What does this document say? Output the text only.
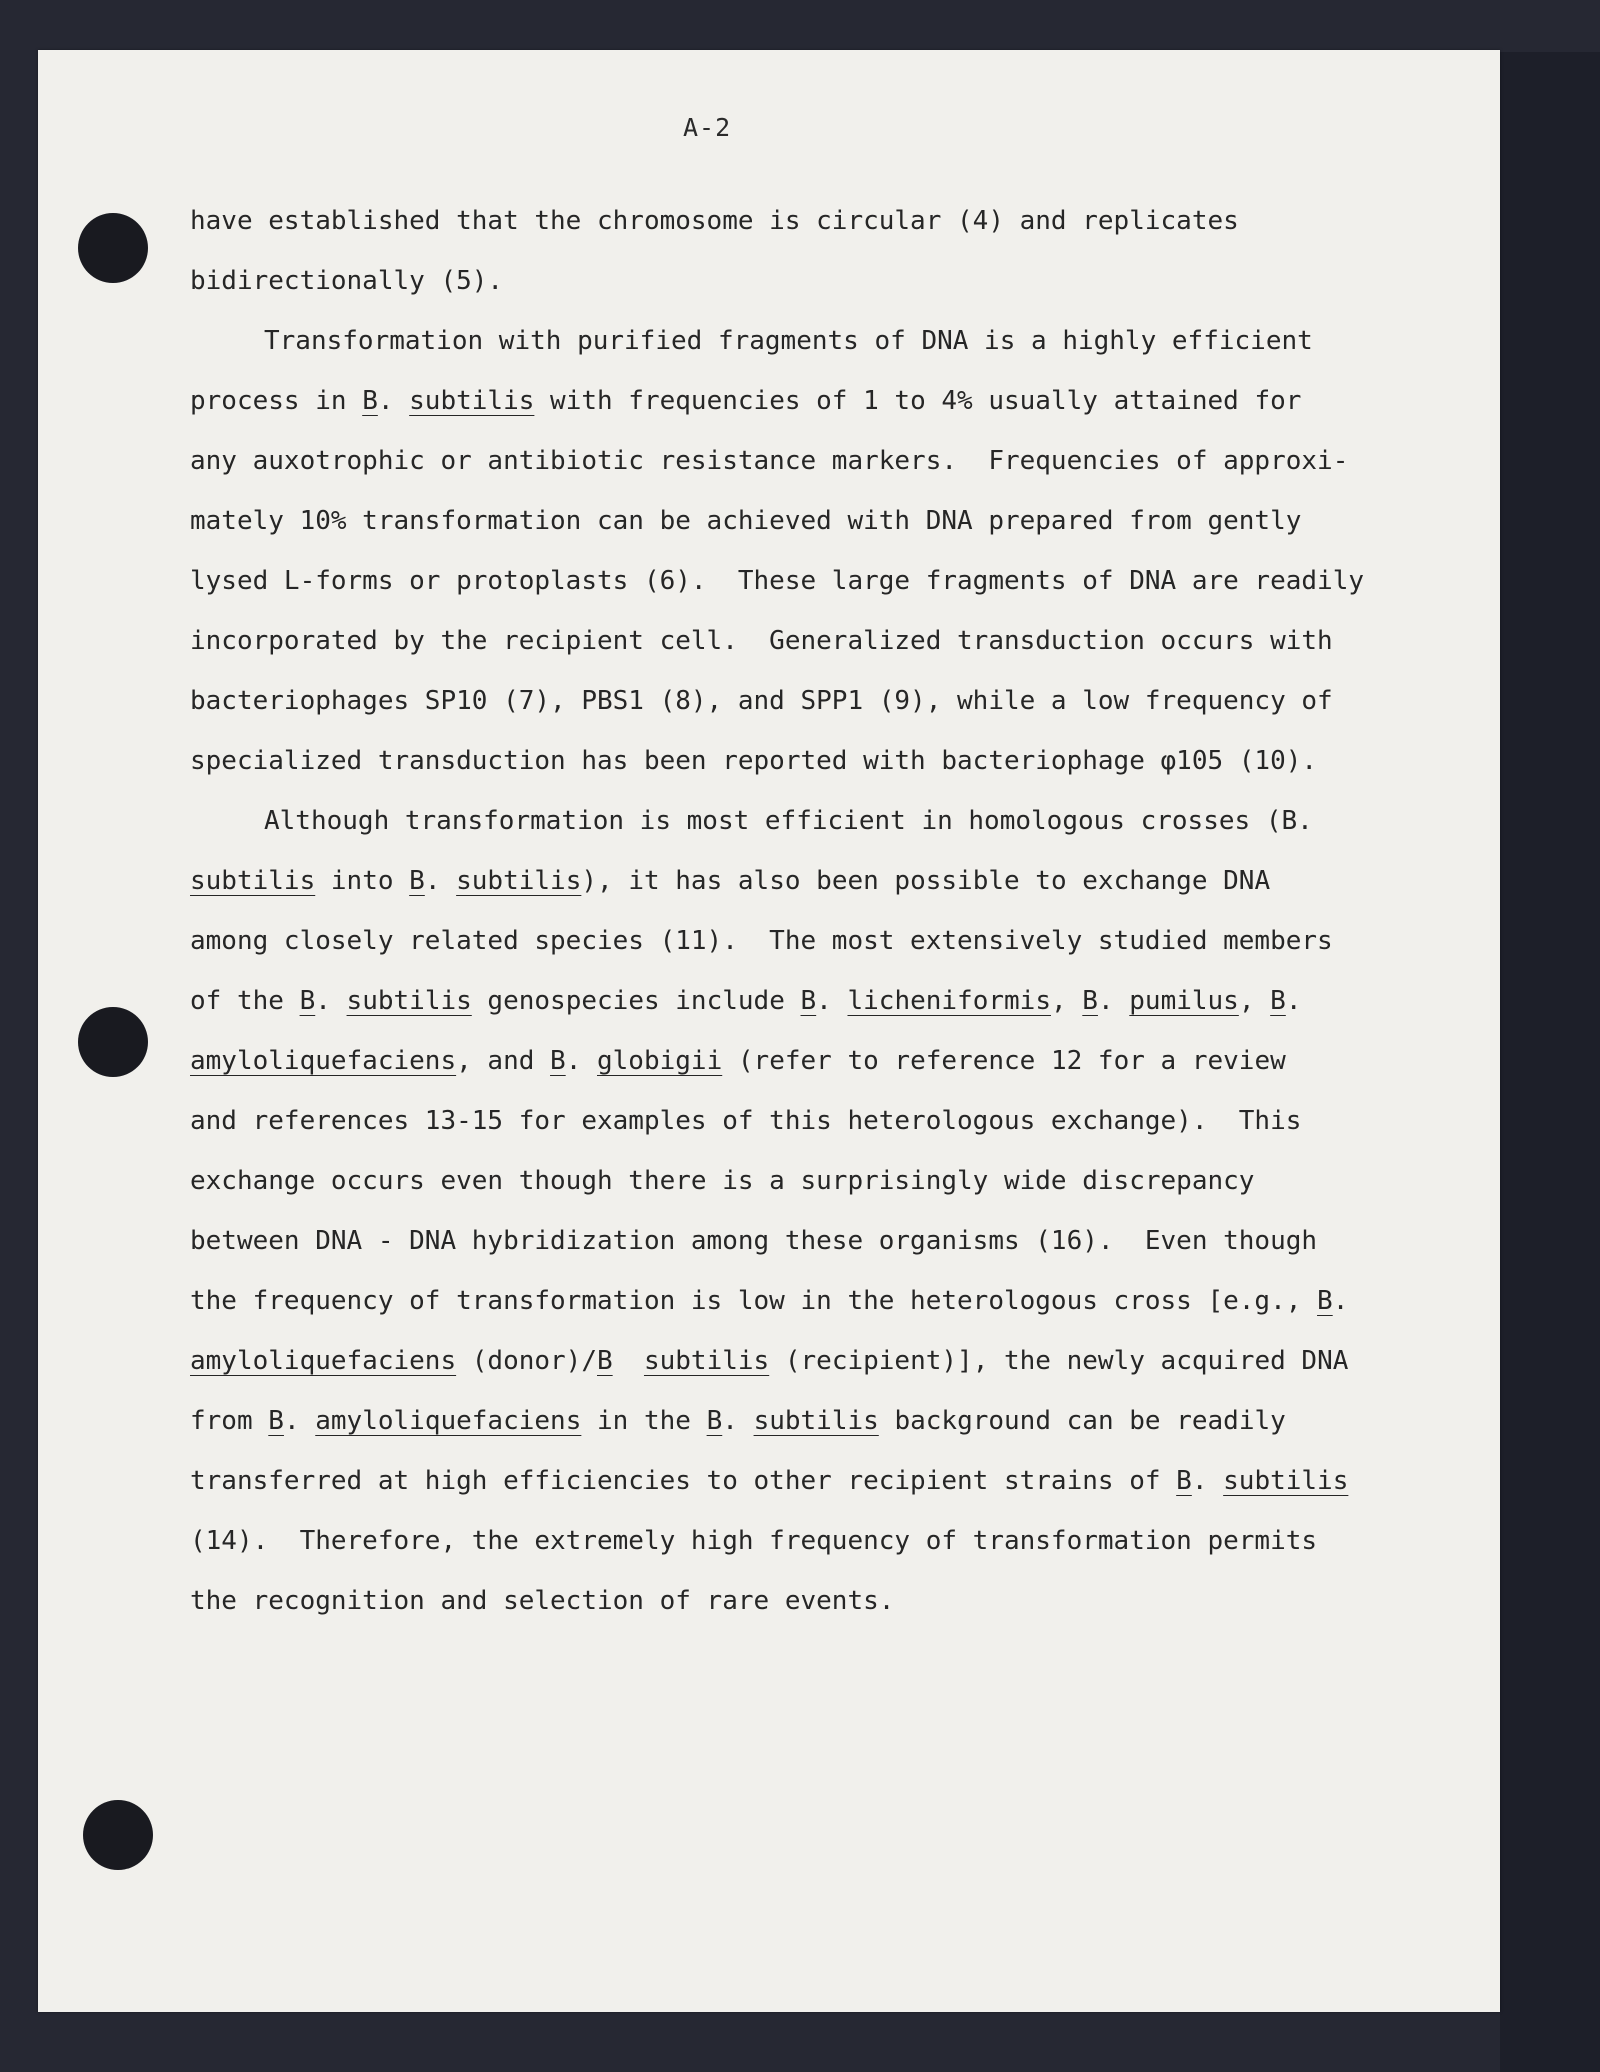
A-2
have established that the chromosome is circular (4) and replicates
bidirectionally (5).
Transformation with purified fragments of DNA is a highly efficient
process in B. subtilis with frequencies of 1 to 4% usually attained for
any auxotrophic or antibiotic resistance markers.  Frequencies of approxi-
mately 10% transformation can be achieved with DNA prepared from gently
lysed L-forms or protoplasts (6).  These large fragments of DNA are readily
incorporated by the recipient cell.  Generalized transduction occurs with
bacteriophages SP10 (7), PBS1 (8), and SPP1 (9), while a low frequency of
specialized transduction has been reported with bacteriophage φ105 (10).
Although transformation is most efficient in homologous crosses (B.
subtilis into B. subtilis), it has also been possible to exchange DNA
among closely related species (11).  The most extensively studied members
of the B. subtilis genospecies include B. licheniformis, B. pumilus, B.
amyloliquefaciens, and B. globigii (refer to reference 12 for a review
and references 13-15 for examples of this heterologous exchange).  This
exchange occurs even though there is a surprisingly wide discrepancy
between DNA - DNA hybridization among these organisms (16).  Even though
the frequency of transformation is low in the heterologous cross [e.g., B.
amyloliquefaciens (donor)/B subtilis (recipient)], the newly acquired DNA
from B. amyloliquefaciens in the B. subtilis background can be readily
transferred at high efficiencies to other recipient strains of B. subtilis
(14).  Therefore, the extremely high frequency of transformation permits
the recognition and selection of rare events.
